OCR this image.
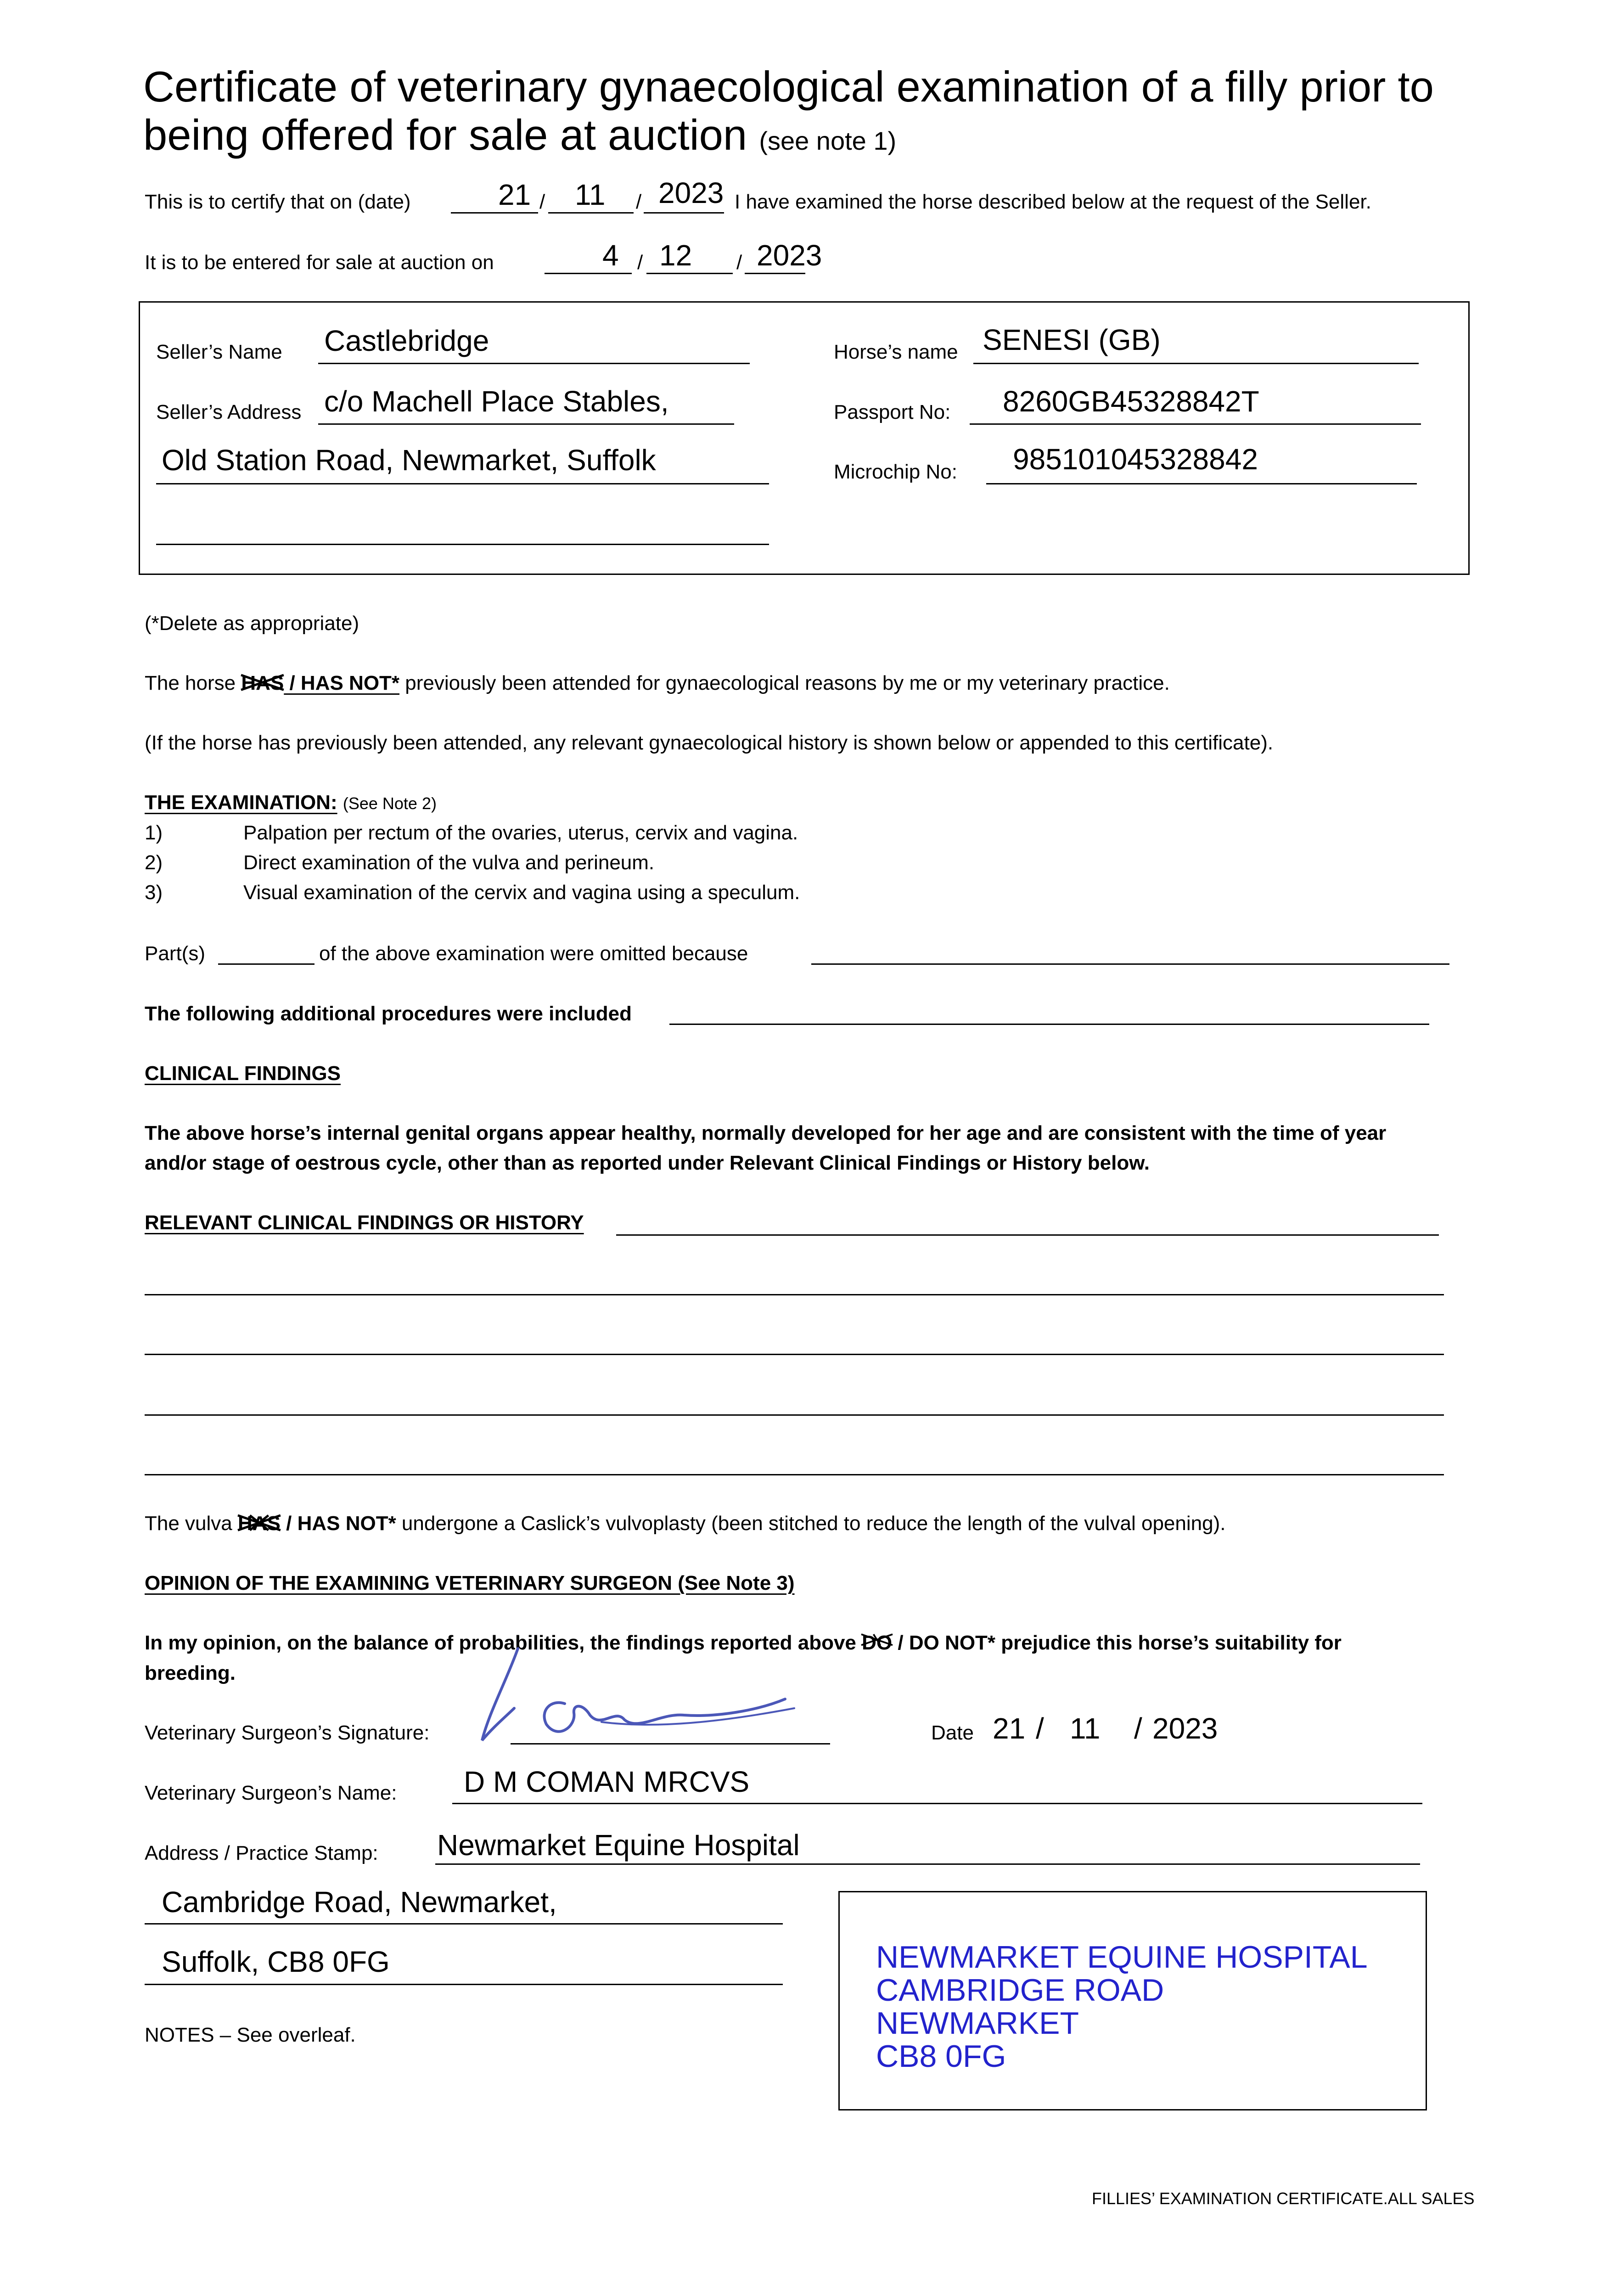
Certificate of veterinary gynaecological examination of a filly prior to being offered for sale at auction (see note 1)
This is to certify that on (date)	21 / 11 / 2023 I have examined the horse described below at the request of the Seller.
It is to be entered for sale at auction on	4 / 12 / 2023
Seller’s Name Castlebridge
Seller’s Address c/o Machell Place Stables,
Old Station Road, Newmarket, Suffolk
Horse’s name SENESI (GB)
Passport No: 8260GB45328842T
Microchip No: 985101045328842
(*Delete as appropriate)
The horse HAS
/ HAS NOT* previously been attended for gynaecological reasons by me or my veterinary practice.
(If the horse has previously been attended, any relevant gynaecological history is shown below or appended to this certificate).
THE EXAMINATION: (See Note 2)
1)	Palpation per rectum of the ovaries, uterus, cervix and vagina.
2)	Direct examination of the vulva and perineum.
3)	Visual examination of the cervix and vagina using a speculum.
Part(s)	of the above examination were omitted because
The following additional procedures were included
CLINICAL FINDINGS
The above horse’s internal genital organs appear healthy, normally developed for her age and are consistent with the time of year
and/or stage of oestrous cycle, other than as reported under Relevant Clinical Findings or History below.
RELEVANT CLINICAL FINDINGS OR HISTORY
The vulva HAS
/ HAS NOT* undergone a Caslick’s vulvoplasty (been stitched to reduce the length of the vulval opening).
OPINION OF THE EXAMINING VETERINARY SURGEON (See Note 3)
In my opinion, on the balance of probabilities, the findings reported above DO
/ DO NOT* prejudice this horse’s suitability for
breeding.
Veterinary Surgeon’s Signature:	Date 21 / 11 / 2023
Veterinary Surgeon’s Name: D M COMAN MRCVS
Address / Practice Stamp: Newmarket Equine Hospital
Cambridge Road, Newmarket,
Suffolk, CB8 0FG	NEWMARKET EQUINE HOSPITAL
CAMBRIDGE ROAD
NEWMARKET
CB8 0FG
NOTES – See overleaf.
FILLIES’ EXAMINATION CERTIFICATE.ALL SALES
